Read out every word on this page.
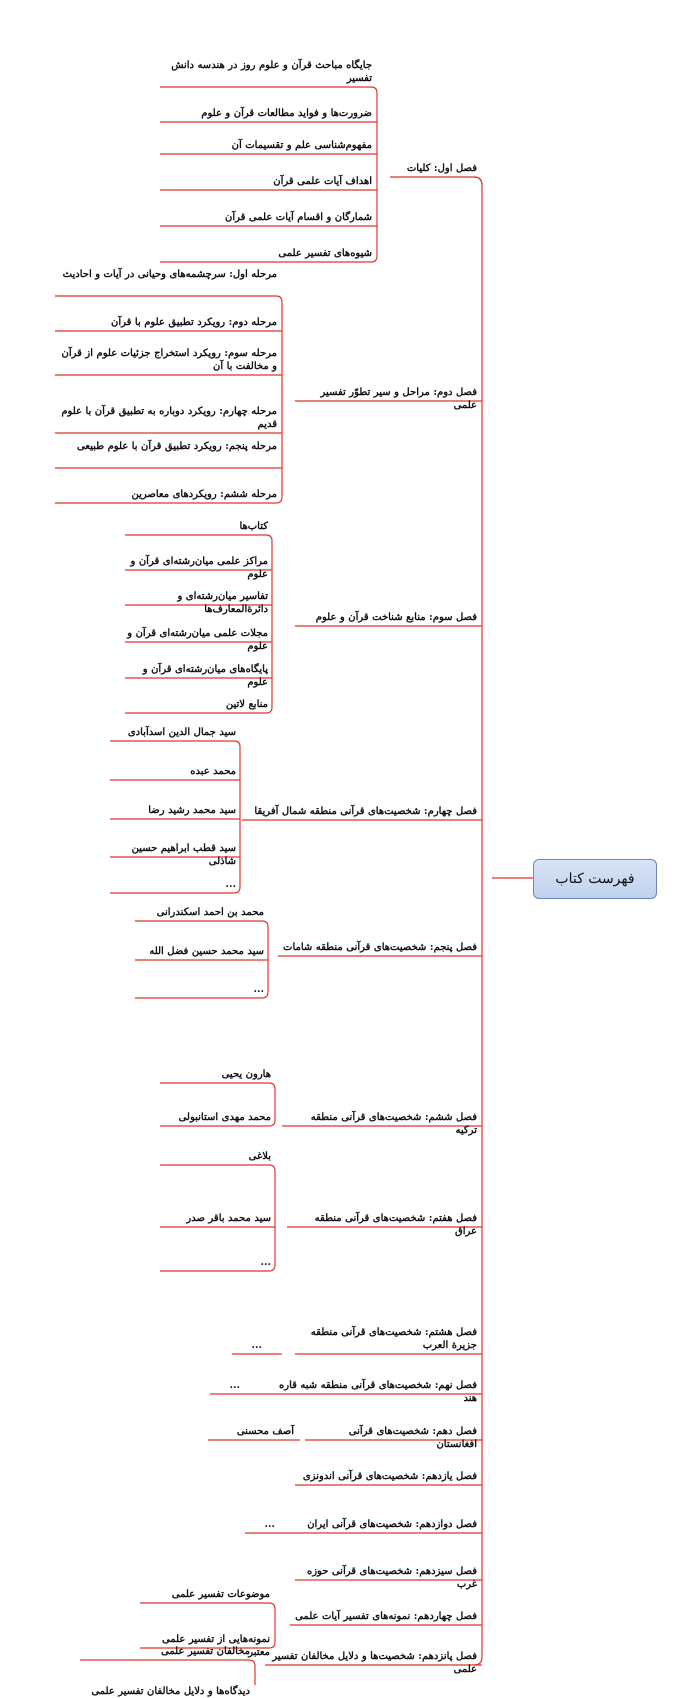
فهرست کتاب
فصل اول: کلیات
جایگاه مباحث قرآن و علوم روز در هندسه دانش تفسیر
ضرورت‌ها و فواید مطالعات قرآن و علوم
مفهوم‌شناسی علم و تقسیمات آن
اهداف آیات علمی قرآن
شمارگان و اقسام آیات علمی قرآن
شیوه‌های تفسیر علمی
فصل دوم: مراحل و سیر تطوّر تفسیر علمی
مرحله اول: سرچشمه‌های وحیانی در آیات و احادیث
مرحله دوم: رویکرد تطبیق علوم با قرآن
مرحله سوم: رویکرد استخراج جزئیات علوم از قرآن و مخالفت با آن
مرحله چهارم: رویکرد دوباره به تطبیق قرآن با علوم قدیم
مرحله پنجم: رویکرد تطبیق قرآن با علوم طبیعی
مرحله ششم: رویکردهای معاصرین
فصل سوم: منابع شناخت قرآن و علوم
کتاب‌ها
مراکز علمی میان‌رشته‌ای قرآن و علوم
تفاسیر میان‌رشته‌ای و دائرةالمعارف‌ها
مجلات علمی میان‌رشته‌ای قرآن و علوم
پایگاه‌های میان‌رشته‌ای قرآن و علوم
منابع لاتین
فصل چهارم: شخصیت‌های قرآنی منطقه شمال آفریقا
سید جمال الدین اسدآبادی
محمد عبده
سید محمد رشید رضا
سید قطب ابراهیم حسین شاذلی
...
فصل پنجم: شخصیت‌های قرآنی منطقه شامات
محمد بن احمد اسکندرانی
سید محمد حسین فضل الله
...
فصل ششم: شخصیت‌های قرآنی منطقه ترکیه
هارون یحیی
محمد مهدی استانبولی
فصل هفتم: شخصیت‌های قرآنی منطقه عراق
بلاغی
سید محمد باقر صدر
...
فصل هشتم: شخصیت‌های قرآنی منطقه جزیرة العرب
...
فصل نهم: شخصیت‌های قرآنی منطقه شبه قاره هند
...
فصل دهم: شخصیت‌های قرآنی افغانستان
آصف محسنی
فصل یازدهم: شخصیت‌های قرآنی اندونزی
فصل دوازدهم: شخصیت‌های قرآنی ایران
...
فصل سیزدهم: شخصیت‌های قرآنی حوزه غرب
فصل چهاردهم: نمونه‌های تفسیر آیات علمی
موضوعات تفسیر علمی
نمونه‌هایی از تفسیر علمی معتبر فصل پانزدهم: شخصیت‌ها و دلایل مخالفان تفسیر علمی
مخالفان تفسیر علمی
دیدگاه‌ها و دلایل مخالفان تفسیر علمی
